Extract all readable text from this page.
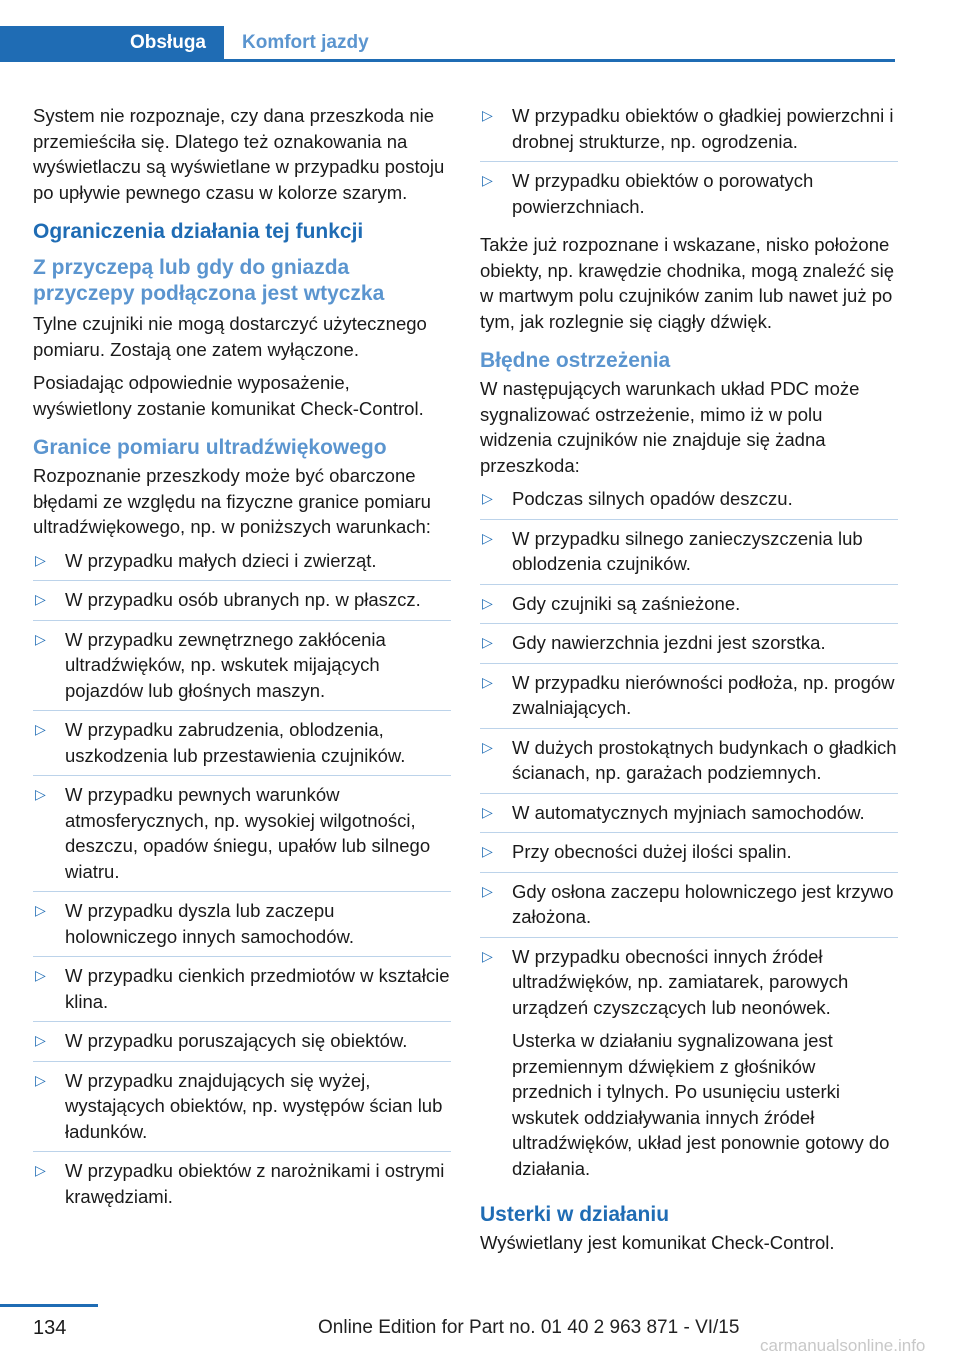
Obsługa Komfort jazdy

System nie rozpoznaje, czy dana przeszkoda nie przemieściła się. Dlatego też oznakowania na wyświetlaczu są wyświetlane w przypadku postoju po upływie pewnego czasu w kolorze szarym.

Ograniczenia działania tej funkcji
Z przyczepą lub gdy do gniazda przyczepy podłączona jest wtyczka

Tylne czujniki nie mogą dostarczyć użytecznego pomiaru. Zostają one zatem wyłączone.

Posiadając odpowiednie wyposażenie, wyświetlony zostanie komunikat Check-Control.

Granice pomiaru ultradźwiękowego

Rozpoznanie przeszkody może być obarczone błędami ze względu na fizyczne granice pomiaru ultradźwiękowego, np. w poniższych warunkach:

▷ W przypadku małych dzieci i zwierząt.
▷ W przypadku osób ubranych np. w płaszcz.
▷ W przypadku zewnętrznego zakłócenia ultradźwięków, np. wskutek mijających pojazdów lub głośnych maszyn.
▷ W przypadku zabrudzenia, oblodzenia, uszkodzenia lub przestawienia czujników.
▷ W przypadku pewnych warunków atmosferycznych, np. wysokiej wilgotności, deszczu, opadów śniegu, upałów lub silnego wiatru.
▷ W przypadku dyszla lub zaczepu holowniczego innych samochodów.
▷ W przypadku cienkich przedmiotów w kształcie klina.
▷ W przypadku poruszających się obiektów.
▷ W przypadku znajdujących się wyżej, wystających obiektów, np. występów ścian lub ładunków.
▷ W przypadku obiektów z narożnikami i ostrymi krawędziami.
▷ W przypadku obiektów o gładkiej powierzchni i drobnej strukturze, np. ogrodzenia.
▷ W przypadku obiektów o porowatych powierzchniach.

Także już rozpoznane i wskazane, nisko położone obiekty, np. krawędzie chodnika, mogą znaleźć się w martwym polu czujników zanim lub nawet już po tym, jak rozlegnie się ciągły dźwięk.

Błędne ostrzeżenia

W następujących warunkach układ PDC może sygnalizować ostrzeżenie, mimo iż w polu widzenia czujników nie znajduje się żadna przeszkoda:

▷ Podczas silnych opadów deszczu.
▷ W przypadku silnego zanieczyszczenia lub oblodzenia czujników.
▷ Gdy czujniki są zaśnieżone.
▷ Gdy nawierzchnia jezdni jest szorstka.
▷ W przypadku nierówności podłoża, np. progów zwalniających.
▷ W dużych prostokątnych budynkach o gładkich ścianach, np. garażach podziemnych.
▷ W automatycznych myjniach samochodów.
▷ Przy obecności dużej ilości spalin.
▷ Gdy osłona zaczepu holowniczego jest krzywo założona.
▷ W przypadku obecności innych źródeł ultradźwięków, np. zamiatarek, parowych urządzeń czyszczących lub neonówek.
Usterka w działaniu sygnalizowana jest przemiennym dźwiękiem z głośników przednich i tylnych. Po usunięciu usterki wskutek oddziaływania innych źródeł ultradźwięków, układ jest ponownie gotowy do działania.
Usterki w działaniu

Wyświetlany jest komunikat Check-Control.

134	Online Edition for Part no. 01 40 2 963 871 - VI/15
carmanualsonline.info
